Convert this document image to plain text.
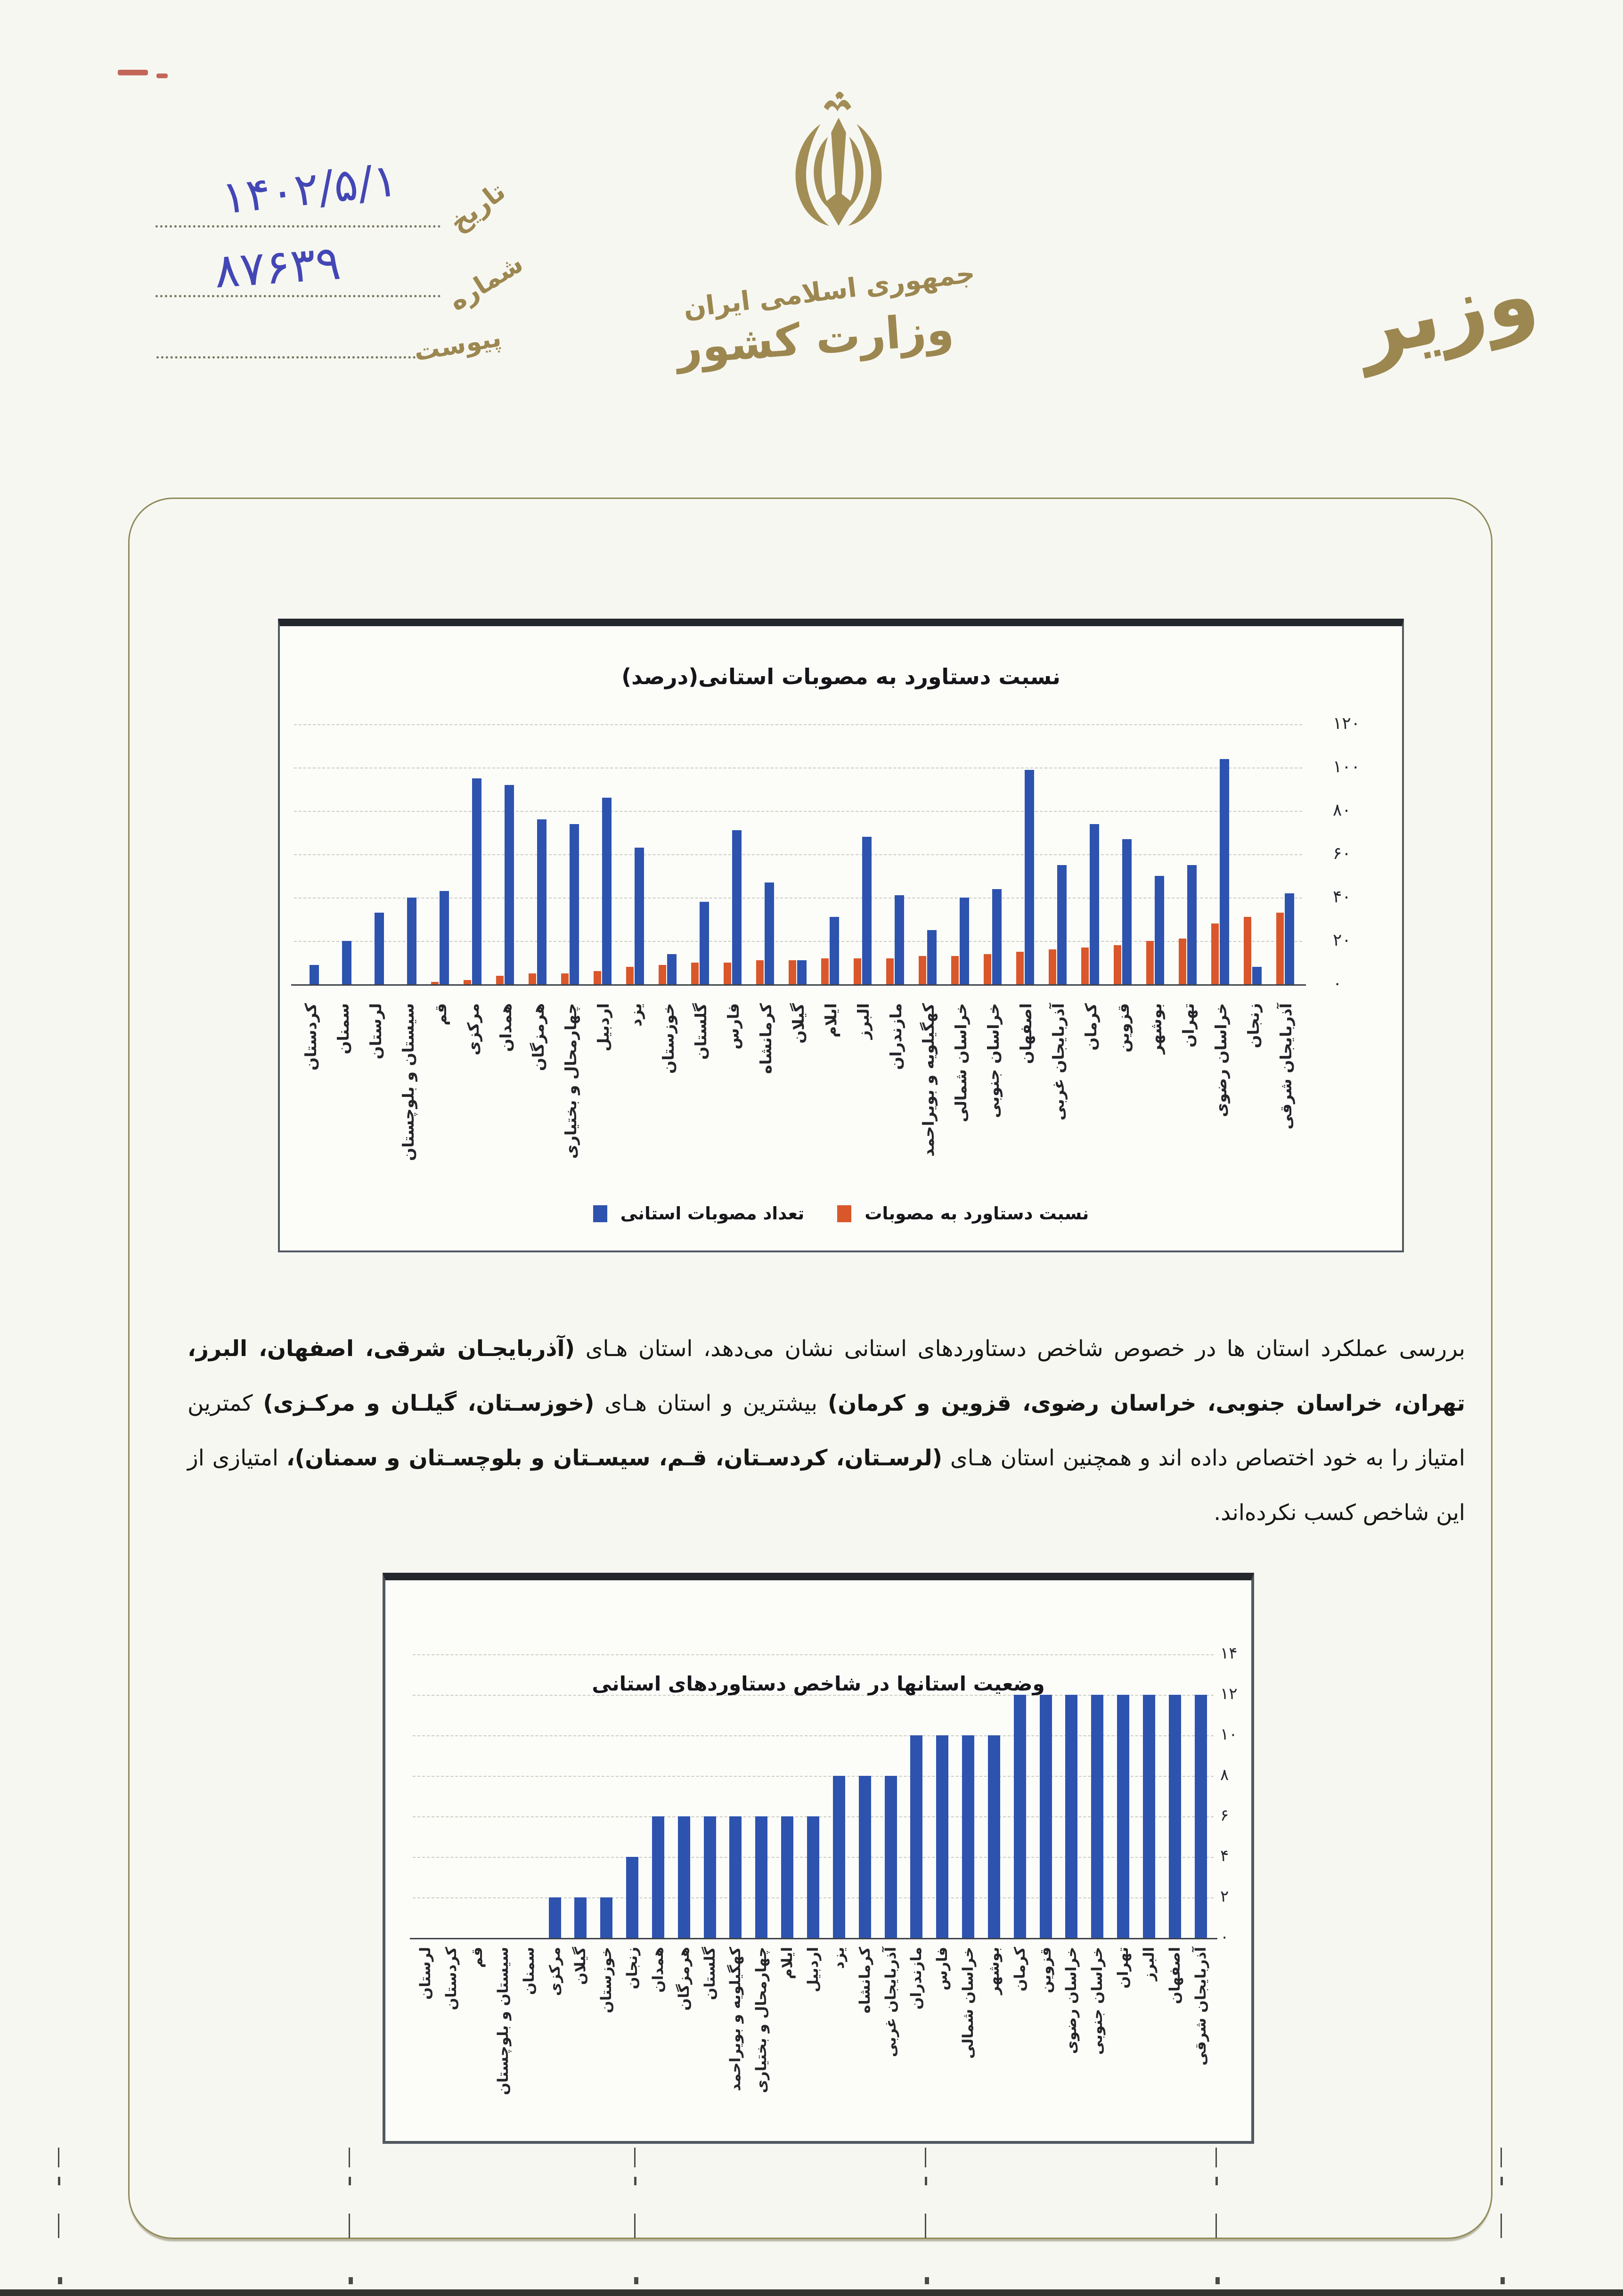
۱۴۰۲/۵/۱ تاریخ
۸۷۶۳۹	شماره
پیوست
جمهوری اسلامی ایران
وزارت کشور	وزیر
۰
۲۰
۴۰
۶۰
۸۰
۱۰۰
۱۲۰
کردستان سمنان لرستان سیستان و بلوچستان قم مرکزی همدان هرمزگان چهارمحال و بختیاری اردبیل یزد خوزستان گلستان فارس کرمانشاه گیلان ایلام البرز مازندران کهگیلویه و بویراحمد خراسان شمالی خراسان جنوبی اصفهان آذربایجان غربی کرمان قزوین بوشهر تهران خراسان رضوی زنجان آذربایجان شرقی
نسبت دستاورد به مصوبات استانی(درصد)
تعداد مصوبات استانی	نسبت دستاورد به مصوبات
بررسی عملکرد استان ها در خصوص شاخص دستاوردهای استانی نشان می‌دهد، استان هـای (آذربایجـان شرقی، اصفهان، البرز، تهران، خراسان جنوبی، خراسان رضوی، قزوین و کرمان) بیشترین و استان هـای (خوزسـتان، گیلـان و مرکـزی) کمترین امتیاز را به خود اختصاص داده اند و همچنین استان هـای (لرسـتان، کردسـتان، قـم، سیسـتان و بلوچسـتان و سمنان)، امتیازی از این شاخص کسب نکرده‌اند.
۰
۲
۴
۶
۸
۱۰
۱۲
۱۴
لرستان کردستان قم سیستان و بلوچستان سمنان مرکزی گیلان خوزستان زنجان همدان هرمزگان گلستان کهگیلویه و بویراحمد چهارمحال و بختیاری ایلام اردبیل یزد کرمانشاه آذربایجان غربی مازندران فارس خراسان شمالی بوشهر کرمان قزوین خراسان رضوی خراسان جنوبی تهران البرز اصفهان آذربایجان شرقی
وضعیت استانها در شاخص دستاوردهای استانی
